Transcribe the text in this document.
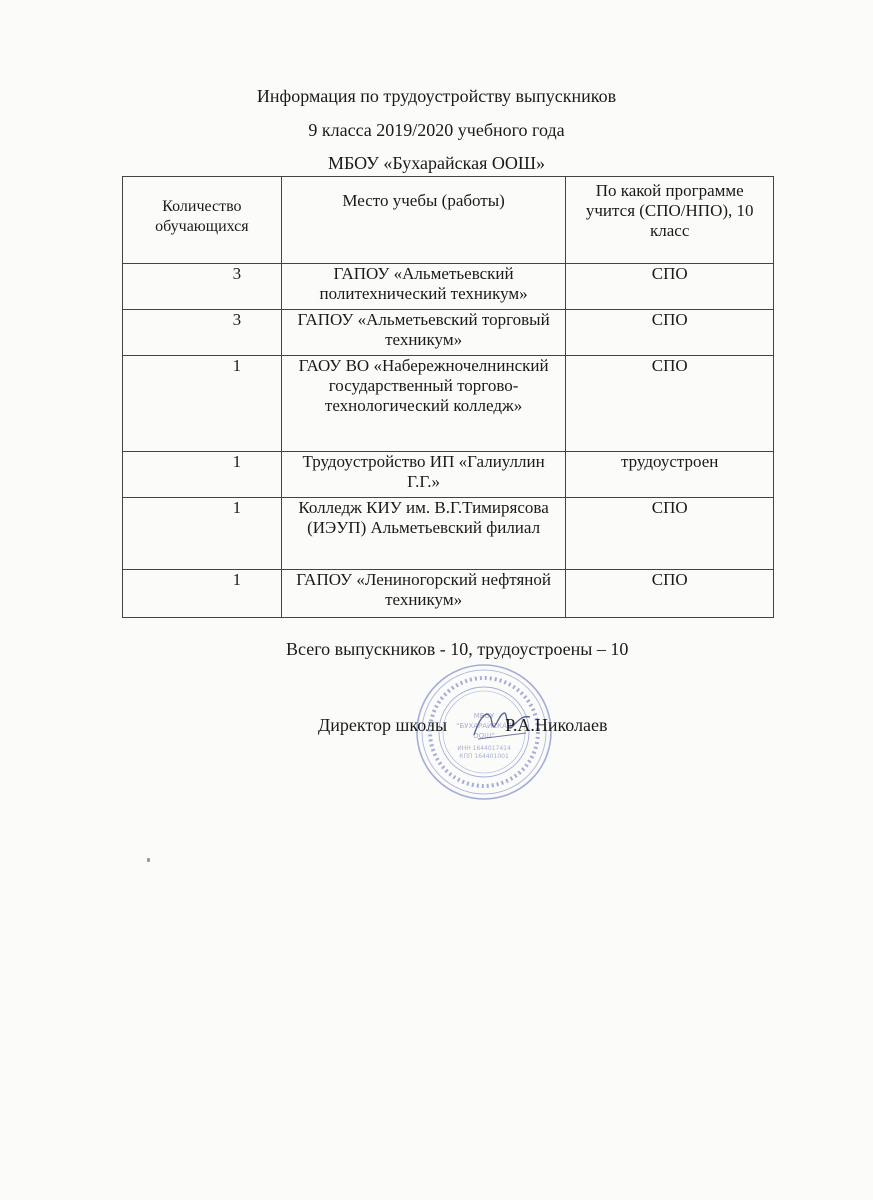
Информация по трудоустройству выпускников
9 класса 2019/2020 учебного года
МБОУ «Бухарайская ООШ»
Количество обучающихся	Место учебы (работы)	По какой программе учится (СПО/НПО), 10 класс
3	ГАПОУ «Альметьевский политехнический техникум»	СПО
3	ГАПОУ «Альметьевский торговый техникум»	СПО
1	ГАОУ ВО «Набережночелнинский государственный торгово-технологический колледж»	СПО
1	Трудоустройство ИП «Галиуллин Г.Г.»	трудоустроен
1	Колледж КИУ им. В.Г.Тимирясова (ИЭУП) Альметьевский филиал	СПО
1	ГАПОУ «Лениногорский нефтяной техникум»	СПО
Всего выпускников - 10, трудоустроены – 10
МБОУ
"БУХАРАЙСКАЯ
ООШ"
ИНН 1644017414
КПП 164401001
Директор школы	Р.А.Николаев
